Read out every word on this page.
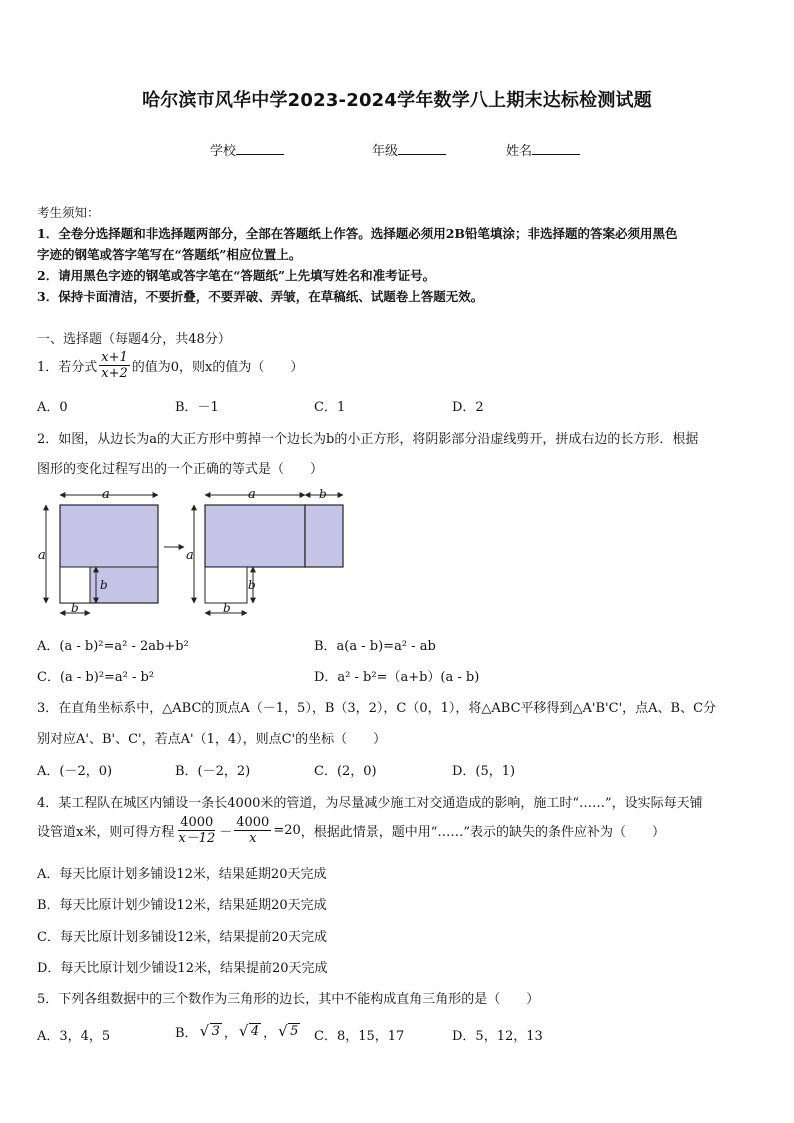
哈尔滨市风华中学2023-2024学年数学八上期末达标检测试题
学校	年级	姓名
考生须知：
1．全卷分选择题和非选择题两部分，全部在答题纸上作答。选择题必须用2B铅笔填涂；非选择题的答案必须用黑色
字迹的钢笔或答字笔写在“答题纸”相应位置上。
2．请用黑色字迹的钢笔或答字笔在“答题纸”上先填写姓名和准考证号。
3．保持卡面清洁，不要折叠，不要弄破、弄皱，在草稿纸、试题卷上答题无效。
一、选择题（每题4分，共48分）
1．若分式 $\frac{x+1}{x+2}$ 的值为0，则x的值为（　　）
A．0	B．－1	C．1	D．2
2．如图，从边长为a的大正方形中剪掉一个边长为b的小正方形，将阴影部分沿虚线剪开，拼成右边的长方形．根据
图形的变化过程写出的一个正确的等式是（　　）
a
a
b
b
a	b
a
b
b
A．(a - b)²=a² - 2ab+b²	B．a(a - b)=a² - ab
C．(a - b)²=a² - b²	D．a² - b²=（a+b）(a - b)
3．在直角坐标系中，△ABC的顶点A（－1，5），B（3，2），C（0，1），将△ABC平移得到△A'B'C'，点A、B、C分
别对应A'、B'、C'，若点A'（1，4），则点C'的坐标（　　）
A．(－2，0)	B．(－2，2)	C．(2，0)	D．(5，1)
4．某工程队在城区内铺设一条长4000米的管道，为尽量减少施工对交通造成的影响，施工时“……”，设实际每天铺
设管道x米，则可得方程 $\frac{4000}{x-12} - \frac{4000}{x} =20$ ，根据此情景，题中用“……”表示的缺失的条件应补为（　　）
A．每天比原计划多铺设12米，结果延期20天完成
B．每天比原计划少铺设12米，结果延期20天完成
C．每天比原计划多铺设12米，结果提前20天完成
D．每天比原计划少铺设12米，结果提前20天完成
5．下列各组数据中的三个数作为三角形的边长，其中不能构成直角三角形的是（　　）
A．3，4，5	B．	√ 3 ，	√ 4 ，	√ 5 C．8，15，17	D．5，12，13
